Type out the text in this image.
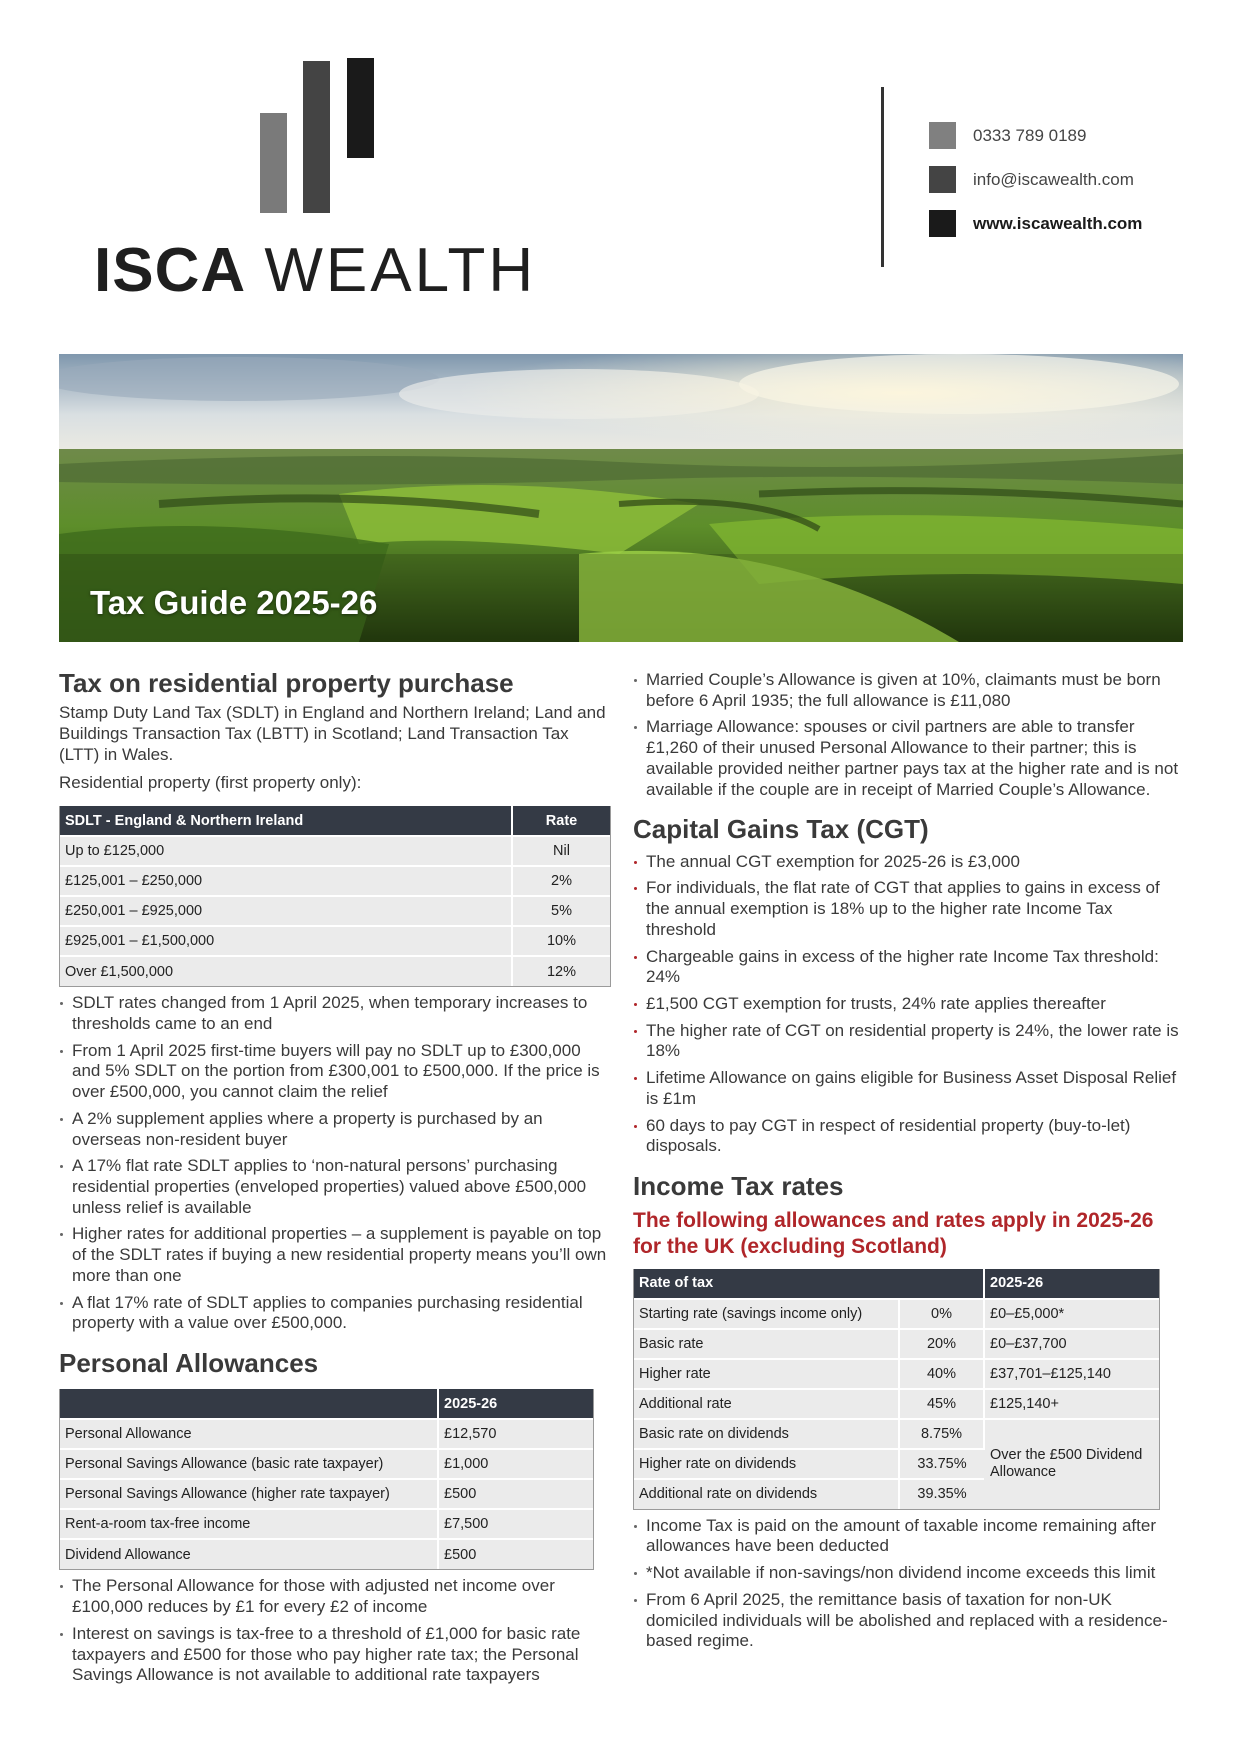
ISCA WEALTH
0333 789 0189
info@iscawealth.com
www.iscawealth.com
Tax Guide 2025-26
Tax on residential property purchase

Stamp Duty Land Tax (SDLT) in England and Northern Ireland; Land and Buildings Transaction Tax (LBTT) in Scotland; Land Transaction Tax (LTT) in Wales.

Residential property (first property only):

SDLT - England & Northern Ireland	Rate
Up to £125,000	Nil
£125,001 – £250,000	2%
£250,001 – £925,000	5%
£925,001 – £1,500,000	10%
Over £1,500,000	12%
SDLT rates changed from 1 April 2025, when temporary increases to thresholds came to an end
From 1 April 2025 first-time buyers will pay no SDLT up to £300,000 and 5% SDLT on the portion from £300,001 to £500,000. If the price is over £500,000, you cannot claim the relief
A 2% supplement applies where a property is purchased by an overseas non-resident buyer
A 17% flat rate SDLT applies to ‘non-natural persons’ purchasing residential properties (enveloped properties) valued above £500,000 unless relief is available
Higher rates for additional properties – a supplement is payable on top of the SDLT rates if buying a new residential property means you’ll own more than one
A flat 17% rate of SDLT applies to companies purchasing residential property with a value over £500,000.
Personal Allowances
	2025-26
Personal Allowance	£12,570
Personal Savings Allowance (basic rate taxpayer)	£1,000
Personal Savings Allowance (higher rate taxpayer)	£500
Rent-a-room tax-free income	£7,500
Dividend Allowance	£500
The Personal Allowance for those with adjusted net income over £100,000 reduces by £1 for every £2 of income
Interest on savings is tax-free to a threshold of £1,000 for basic rate taxpayers and £500 for those who pay higher rate tax; the Personal Savings Allowance is not available to additional rate taxpayers
Married Couple’s Allowance is given at 10%, claimants must be born before 6 April 1935; the full allowance is £11,080
Marriage Allowance: spouses or civil partners are able to transfer £1,260 of their unused Personal Allowance to their partner; this is available provided neither partner pays tax at the higher rate and is not available if the couple are in receipt of Married Couple’s Allowance.
Capital Gains Tax (CGT)
The annual CGT exemption for 2025-26 is £3,000
For individuals, the flat rate of CGT that applies to gains in excess of the annual exemption is 18% up to the higher rate Income Tax threshold
Chargeable gains in excess of the higher rate Income Tax threshold: 24%
£1,500 CGT exemption for trusts, 24% rate applies thereafter
The higher rate of CGT on residential property is 24%, the lower rate is 18%
Lifetime Allowance on gains eligible for Business Asset Disposal Relief is £1m
60 days to pay CGT in respect of residential property (buy-to-let) disposals.
Income Tax rates
The following allowances and rates apply in 2025-26 for the UK (excluding Scotland)
Rate of tax		2025-26
Starting rate (savings income only)	0%	£0–£5,000*
Basic rate	20%	£0–£37,700
Higher rate	40%	£37,701–£125,140
Additional rate	45%	£125,140+
Basic rate on dividends	8.75%	Over the £500 Dividend Allowance
Higher rate on dividends	33.75%	
Additional rate on dividends	39.35%	
Income Tax is paid on the amount of taxable income remaining after allowances have been deducted
*Not available if non-savings/non dividend income exceeds this limit
From 6 April 2025, the remittance basis of taxation for non-UK domiciled individuals will be abolished and replaced with a residence-based regime.
